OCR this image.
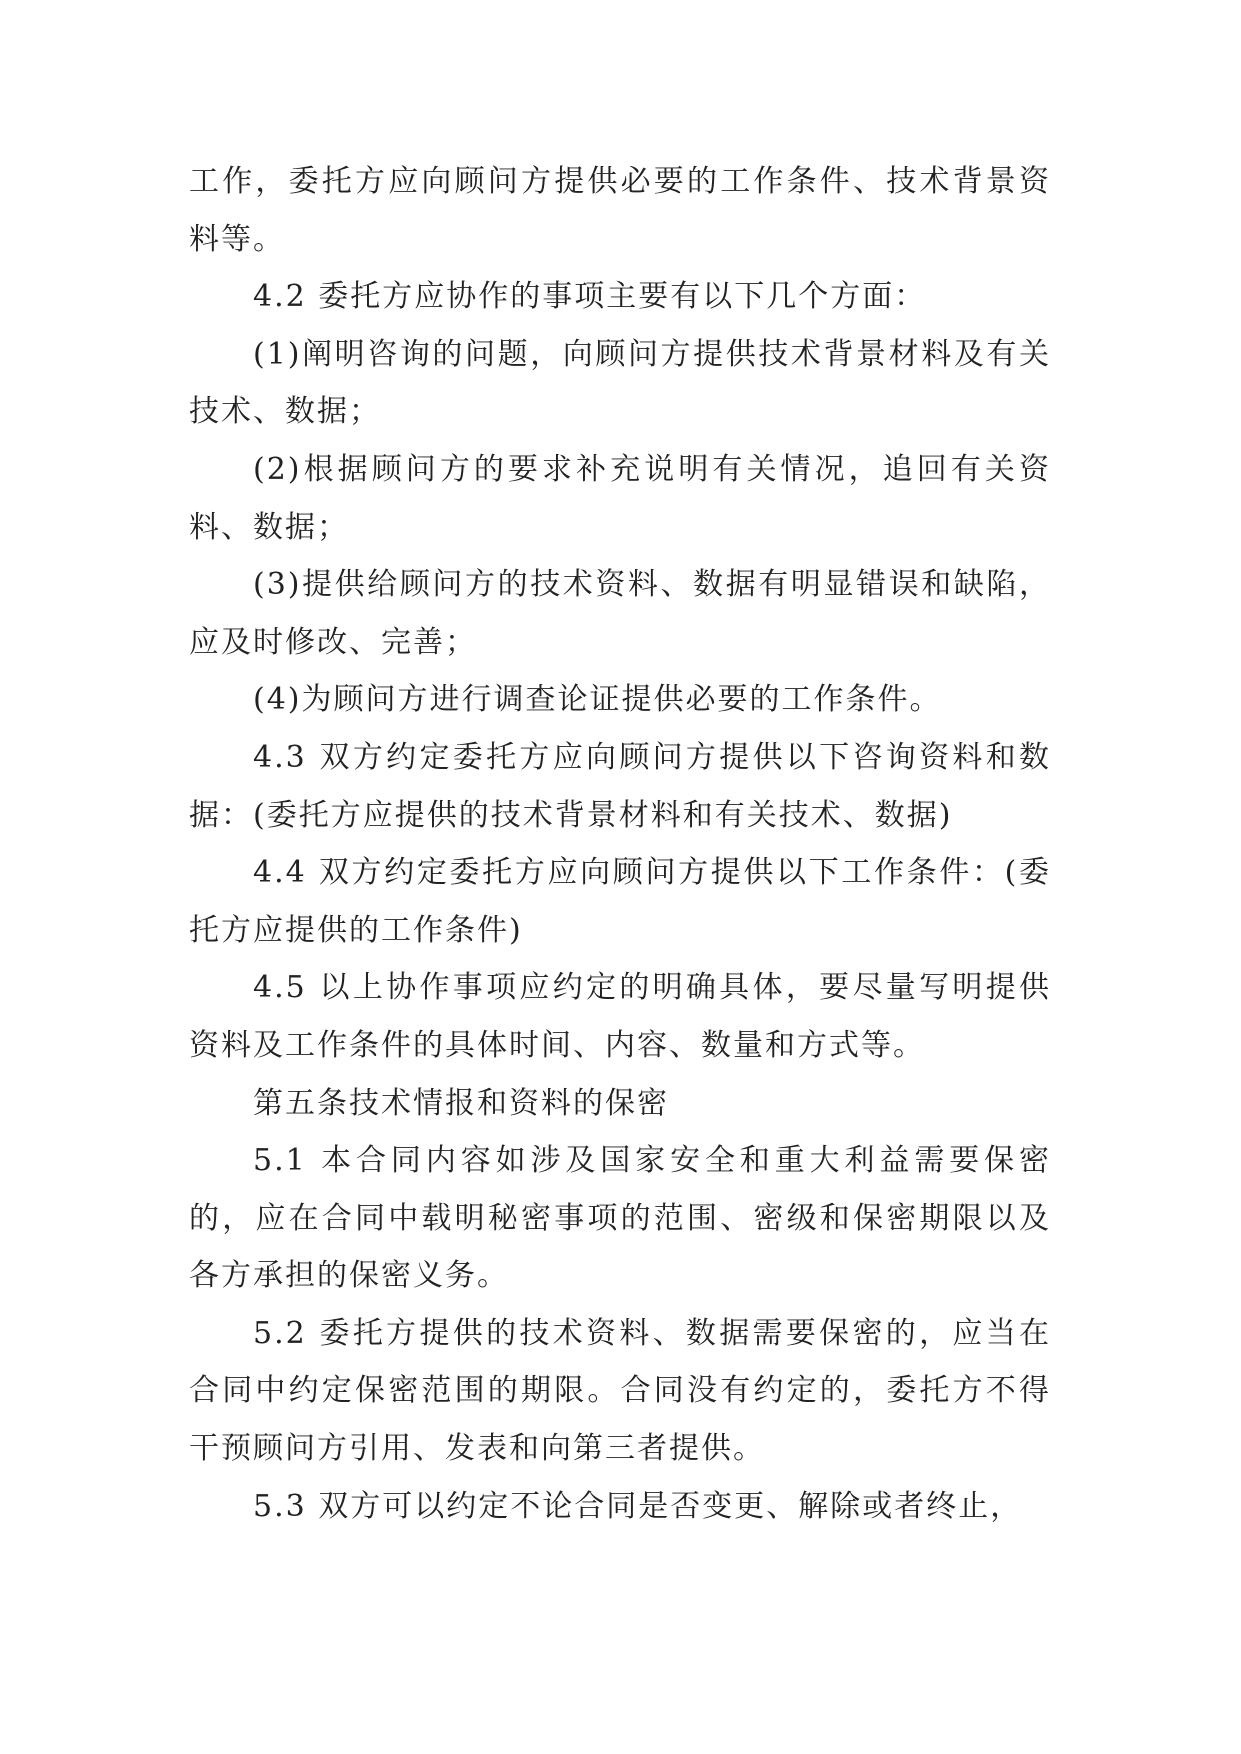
工作，委托方应向顾问方提供必要的工作条件、技术背景资料等。

4.2 委托方应协作的事项主要有以下几个方面：

(1)阐明咨询的问题，向顾问方提供技术背景材料及有关技术、数据；

(2)根据顾问方的要求补充说明有关情况，追回有关资料、数据；

(3)提供给顾问方的技术资料、数据有明显错误和缺陷，应及时修改、完善；

(4)为顾问方进行调查论证提供必要的工作条件。

4.3 双方约定委托方应向顾问方提供以下咨询资料和数据：(委托方应提供的技术背景材料和有关技术、数据)

4.4 双方约定委托方应向顾问方提供以下工作条件：(委托方应提供的工作条件)

4.5 以上协作事项应约定的明确具体，要尽量写明提供资料及工作条件的具体时间、内容、数量和方式等。

第五条技术情报和资料的保密

5.1 本合同内容如涉及国家安全和重大利益需要保密的，应在合同中载明秘密事项的范围、密级和保密期限以及各方承担的保密义务。

5.2 委托方提供的技术资料、数据需要保密的，应当在合同中约定保密范围的期限。合同没有约定的，委托方不得干预顾问方引用、发表和向第三者提供。

5.3 双方可以约定不论合同是否变更、解除或者终止，
